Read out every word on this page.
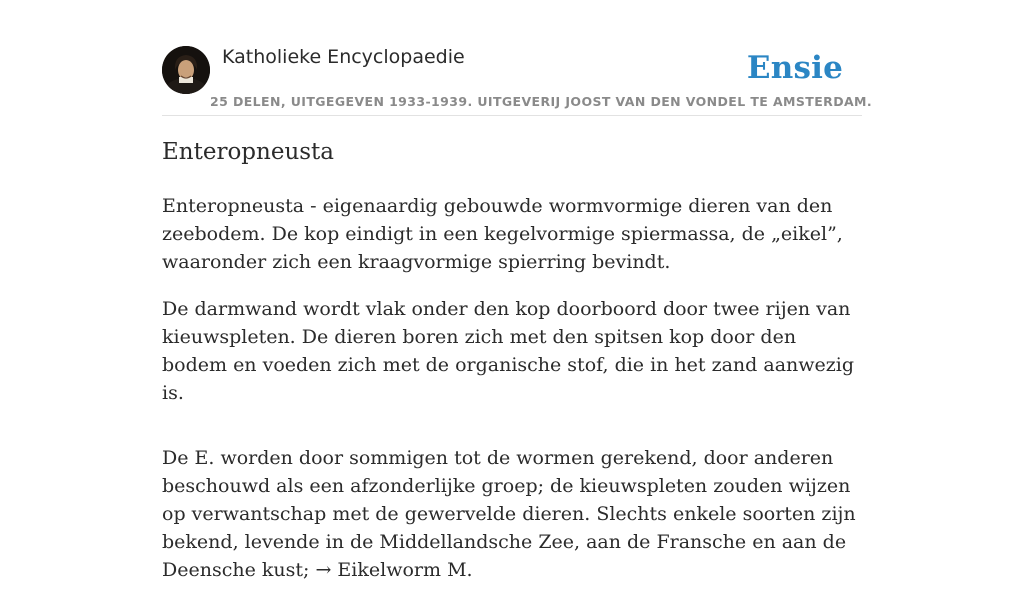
Katholieke Encyclopaedie	Ensie
25 DELEN, UITGEGEVEN 1933-1939. UITGEVERIJ JOOST VAN DEN VONDEL TE AMSTERDAM.
Enteropneusta

Enteropneusta - eigenaardig gebouwde wormvormige dieren van den zeebodem. De kop eindigt in een kegelvormige spiermassa, de „eikel”, waaronder zich een kraagvormige spierring bevindt.

De darmwand wordt vlak onder den kop doorboord door twee rijen van kieuwspleten. De dieren boren zich met den spitsen kop door den bodem en voeden zich met de organische stof, die in het zand aanwezig is.

De E. worden door sommigen tot de wormen gerekend, door anderen beschouwd als een afzonderlijke groep; de kieuwspleten zouden wijzen op verwantschap met de gewervelde dieren. Slechts enkele soorten zijn bekend, levende in de Middellandsche Zee, aan de Fransche en aan de Deensche kust; → Eikelworm M.
